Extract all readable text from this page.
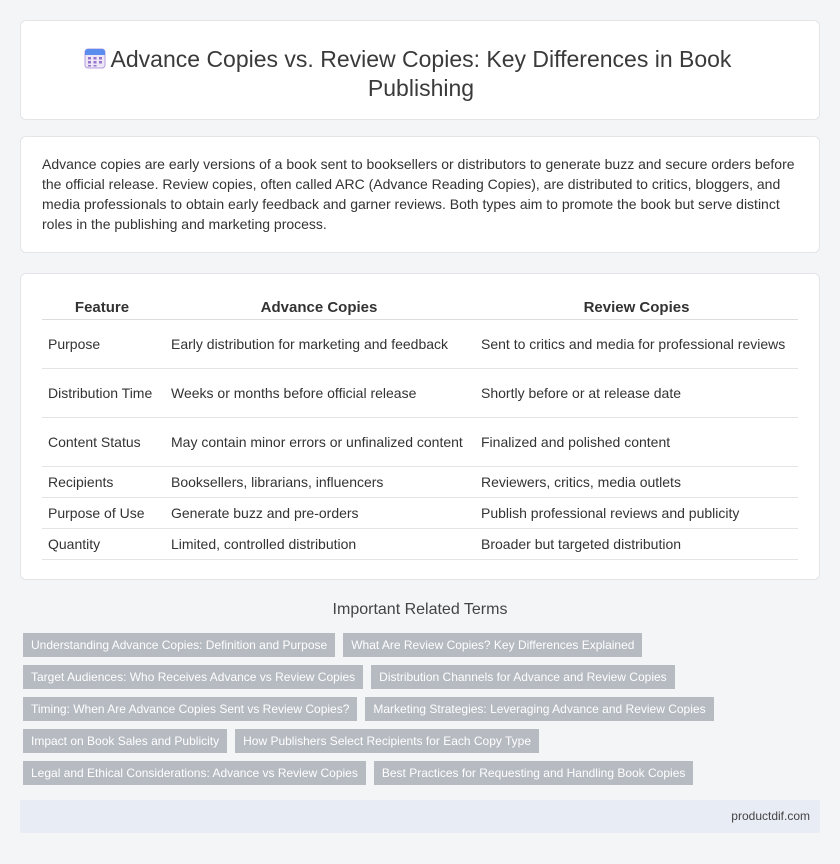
Advance Copies vs. Review Copies: Key Differences in Book
Publishing

Advance copies are early versions of a book sent to booksellers or distributors to generate buzz and secure orders before the official release. Review copies, often called ARC (Advance Reading Copies), are distributed to critics, bloggers, and media professionals to obtain early feedback and garner reviews. Both types aim to promote the book but serve distinct roles in the publishing and marketing process.

Feature	Advance Copies	Review Copies
Purpose	Early distribution for marketing and feedback	Sent to critics and media for professional reviews
Distribution Time	Weeks or months before official release	Shortly before or at release date
Content Status	May contain minor errors or unfinalized content	Finalized and polished content
Recipients	Booksellers, librarians, influencers	Reviewers, critics, media outlets
Purpose of Use	Generate buzz and pre-orders	Publish professional reviews and publicity
Quantity	Limited, controlled distribution	Broader but targeted distribution
Important Related Terms
Understanding Advance Copies: Definition and Purpose	What Are Review Copies? Key Differences Explained
Target Audiences: Who Receives Advance vs Review Copies	Distribution Channels for Advance and Review Copies
Timing: When Are Advance Copies Sent vs Review Copies?	Marketing Strategies: Leveraging Advance and Review Copies
Impact on Book Sales and Publicity	How Publishers Select Recipients for Each Copy Type
Legal and Ethical Considerations: Advance vs Review Copies	Best Practices for Requesting and Handling Book Copies
productdif.com
